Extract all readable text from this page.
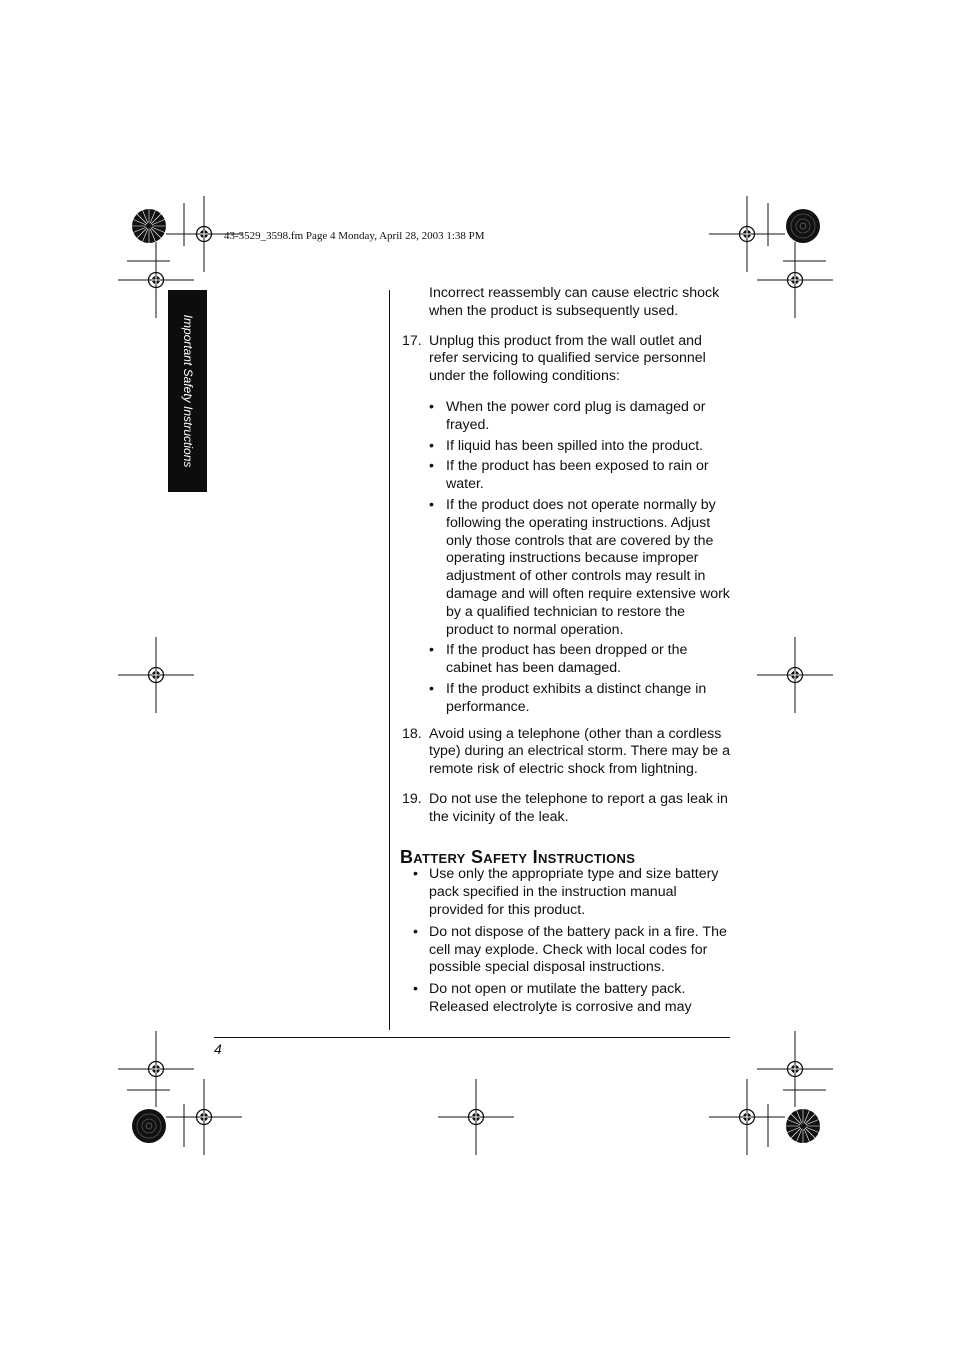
43-3529_3598.fm Page 4 Monday, April 28, 2003 1:38 PM
Important Safety Instructions

Incorrect reassembly can cause electric shock when the product is subsequently used.

17. Unplug this product from the wall outlet and refer servicing to qualified service personnel under the following conditions:

• When the power cord plug is damaged or frayed.
• If liquid has been spilled into the product.
• If the product has been exposed to rain or water.
• If the product does not operate normally by following the operating instructions. Adjust only those controls that are covered by the operating instructions because improper adjustment of other controls may result in damage and will often require extensive work by a qualified technician to restore the product to normal operation.
• If the product has been dropped or the cabinet has been damaged.
• If the product exhibits a distinct change in performance.
18. Avoid using a telephone (other than a cordless type) during an electrical storm. There may be a remote risk of electric shock from lightning.

19. Do not use the telephone to report a gas leak in the vicinity of the leak.

Battery Safety Instructions

• Use only the appropriate type and size battery pack specified in the instruction manual provided for this product.
• Do not dispose of the battery pack in a fire. The cell may explode. Check with local codes for possible special disposal instructions.
• Do not open or mutilate the battery pack. Released electrolyte is corrosive and may
4
